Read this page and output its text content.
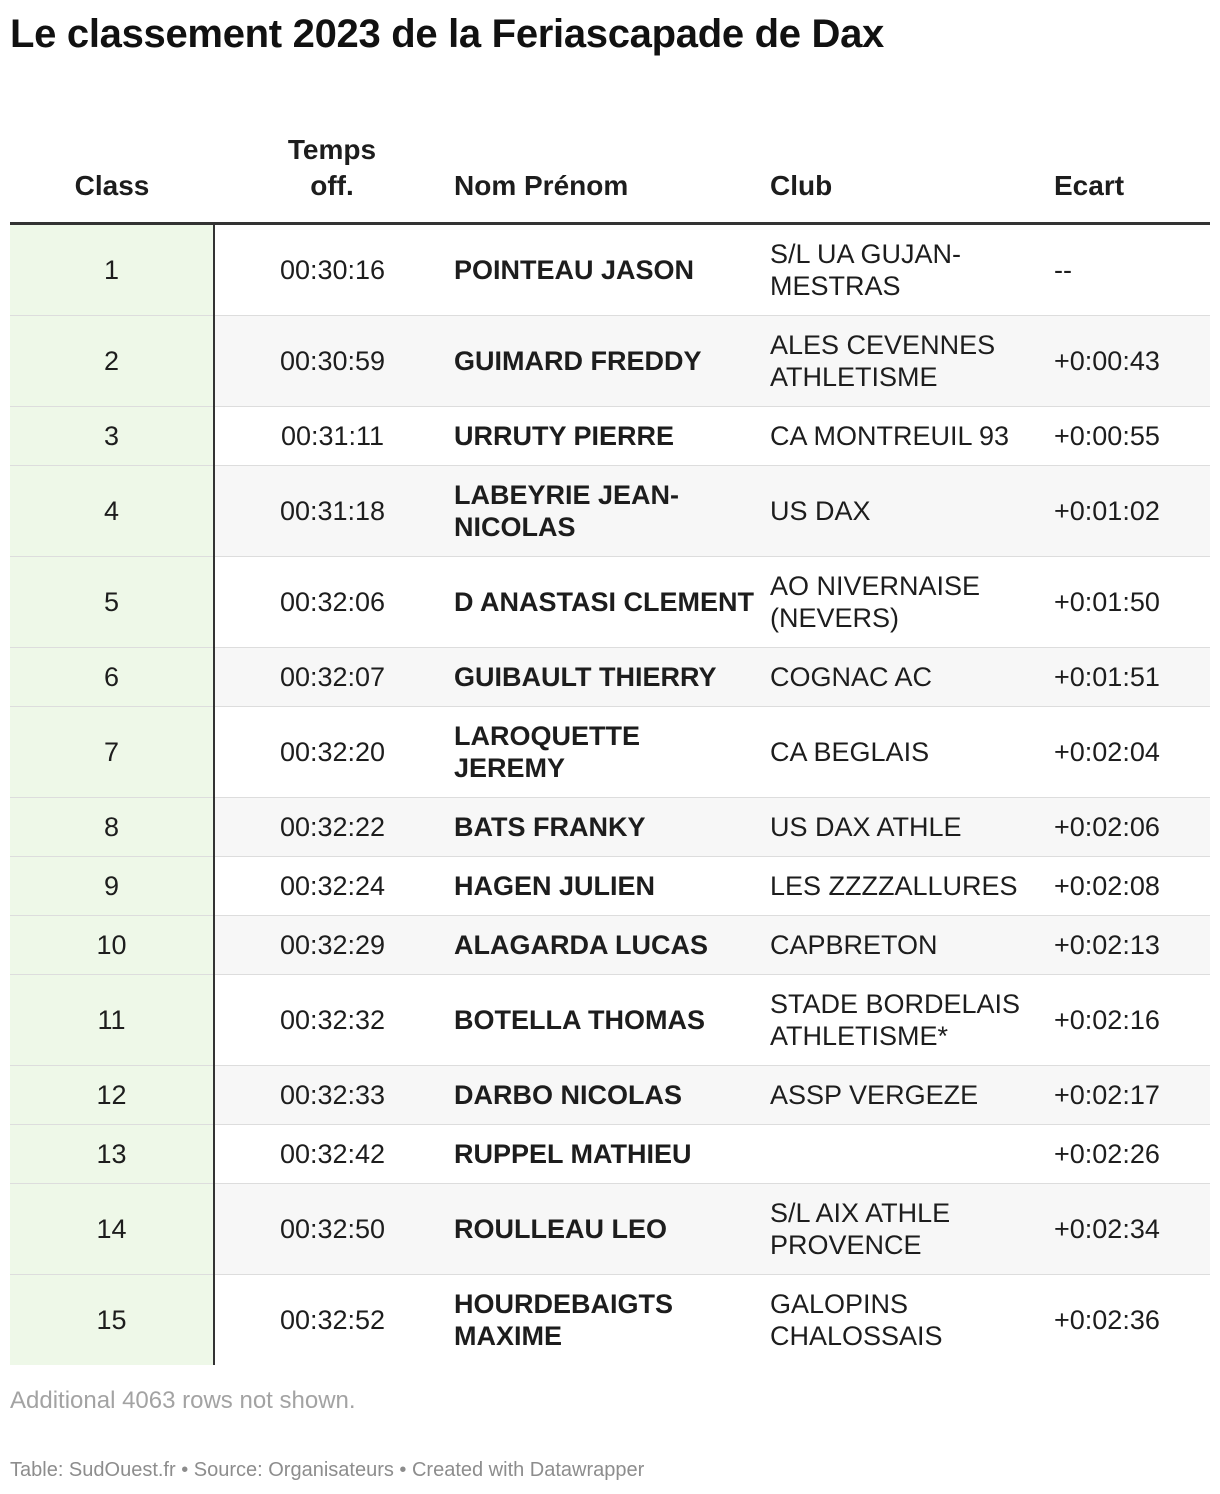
Le classement 2023 de la Feriascapade de Dax
Class	Temps off.	Nom Prénom	Club	Ecart
1	00:30:16	POINTEAU JASON	S/L UA GUJAN-MESTRAS	--
2	00:30:59	GUIMARD FREDDY	ALES CEVENNES ATHLETISME	+0:00:43
3	00:31:11	URRUTY PIERRE	CA MONTREUIL 93	+0:00:55
4	00:31:18	LABEYRIE JEAN-NICOLAS	US DAX	+0:01:02
5	00:32:06	D ANASTASI CLEMENT	AO NIVERNAISE (NEVERS)	+0:01:50
6	00:32:07	GUIBAULT THIERRY	COGNAC AC	+0:01:51
7	00:32:20	LAROQUETTE JEREMY	CA BEGLAIS	+0:02:04
8	00:32:22	BATS FRANKY	US DAX ATHLE	+0:02:06
9	00:32:24	HAGEN JULIEN	LES ZZZZALLURES	+0:02:08
10	00:32:29	ALAGARDA LUCAS	CAPBRETON	+0:02:13
11	00:32:32	BOTELLA THOMAS	STADE BORDELAIS ATHLETISME*	+0:02:16
12	00:32:33	DARBO NICOLAS	ASSP VERGEZE	+0:02:17
13	00:32:42	RUPPEL MATHIEU		+0:02:26
14	00:32:50	ROULLEAU LEO	S/L AIX ATHLE PROVENCE	+0:02:34
15	00:32:52	HOURDEBAIGTS MAXIME	GALOPINS CHALOSSAIS	+0:02:36
Additional 4063 rows not shown.
Table: SudOuest.fr • Source: Organisateurs • Created with Datawrapper
